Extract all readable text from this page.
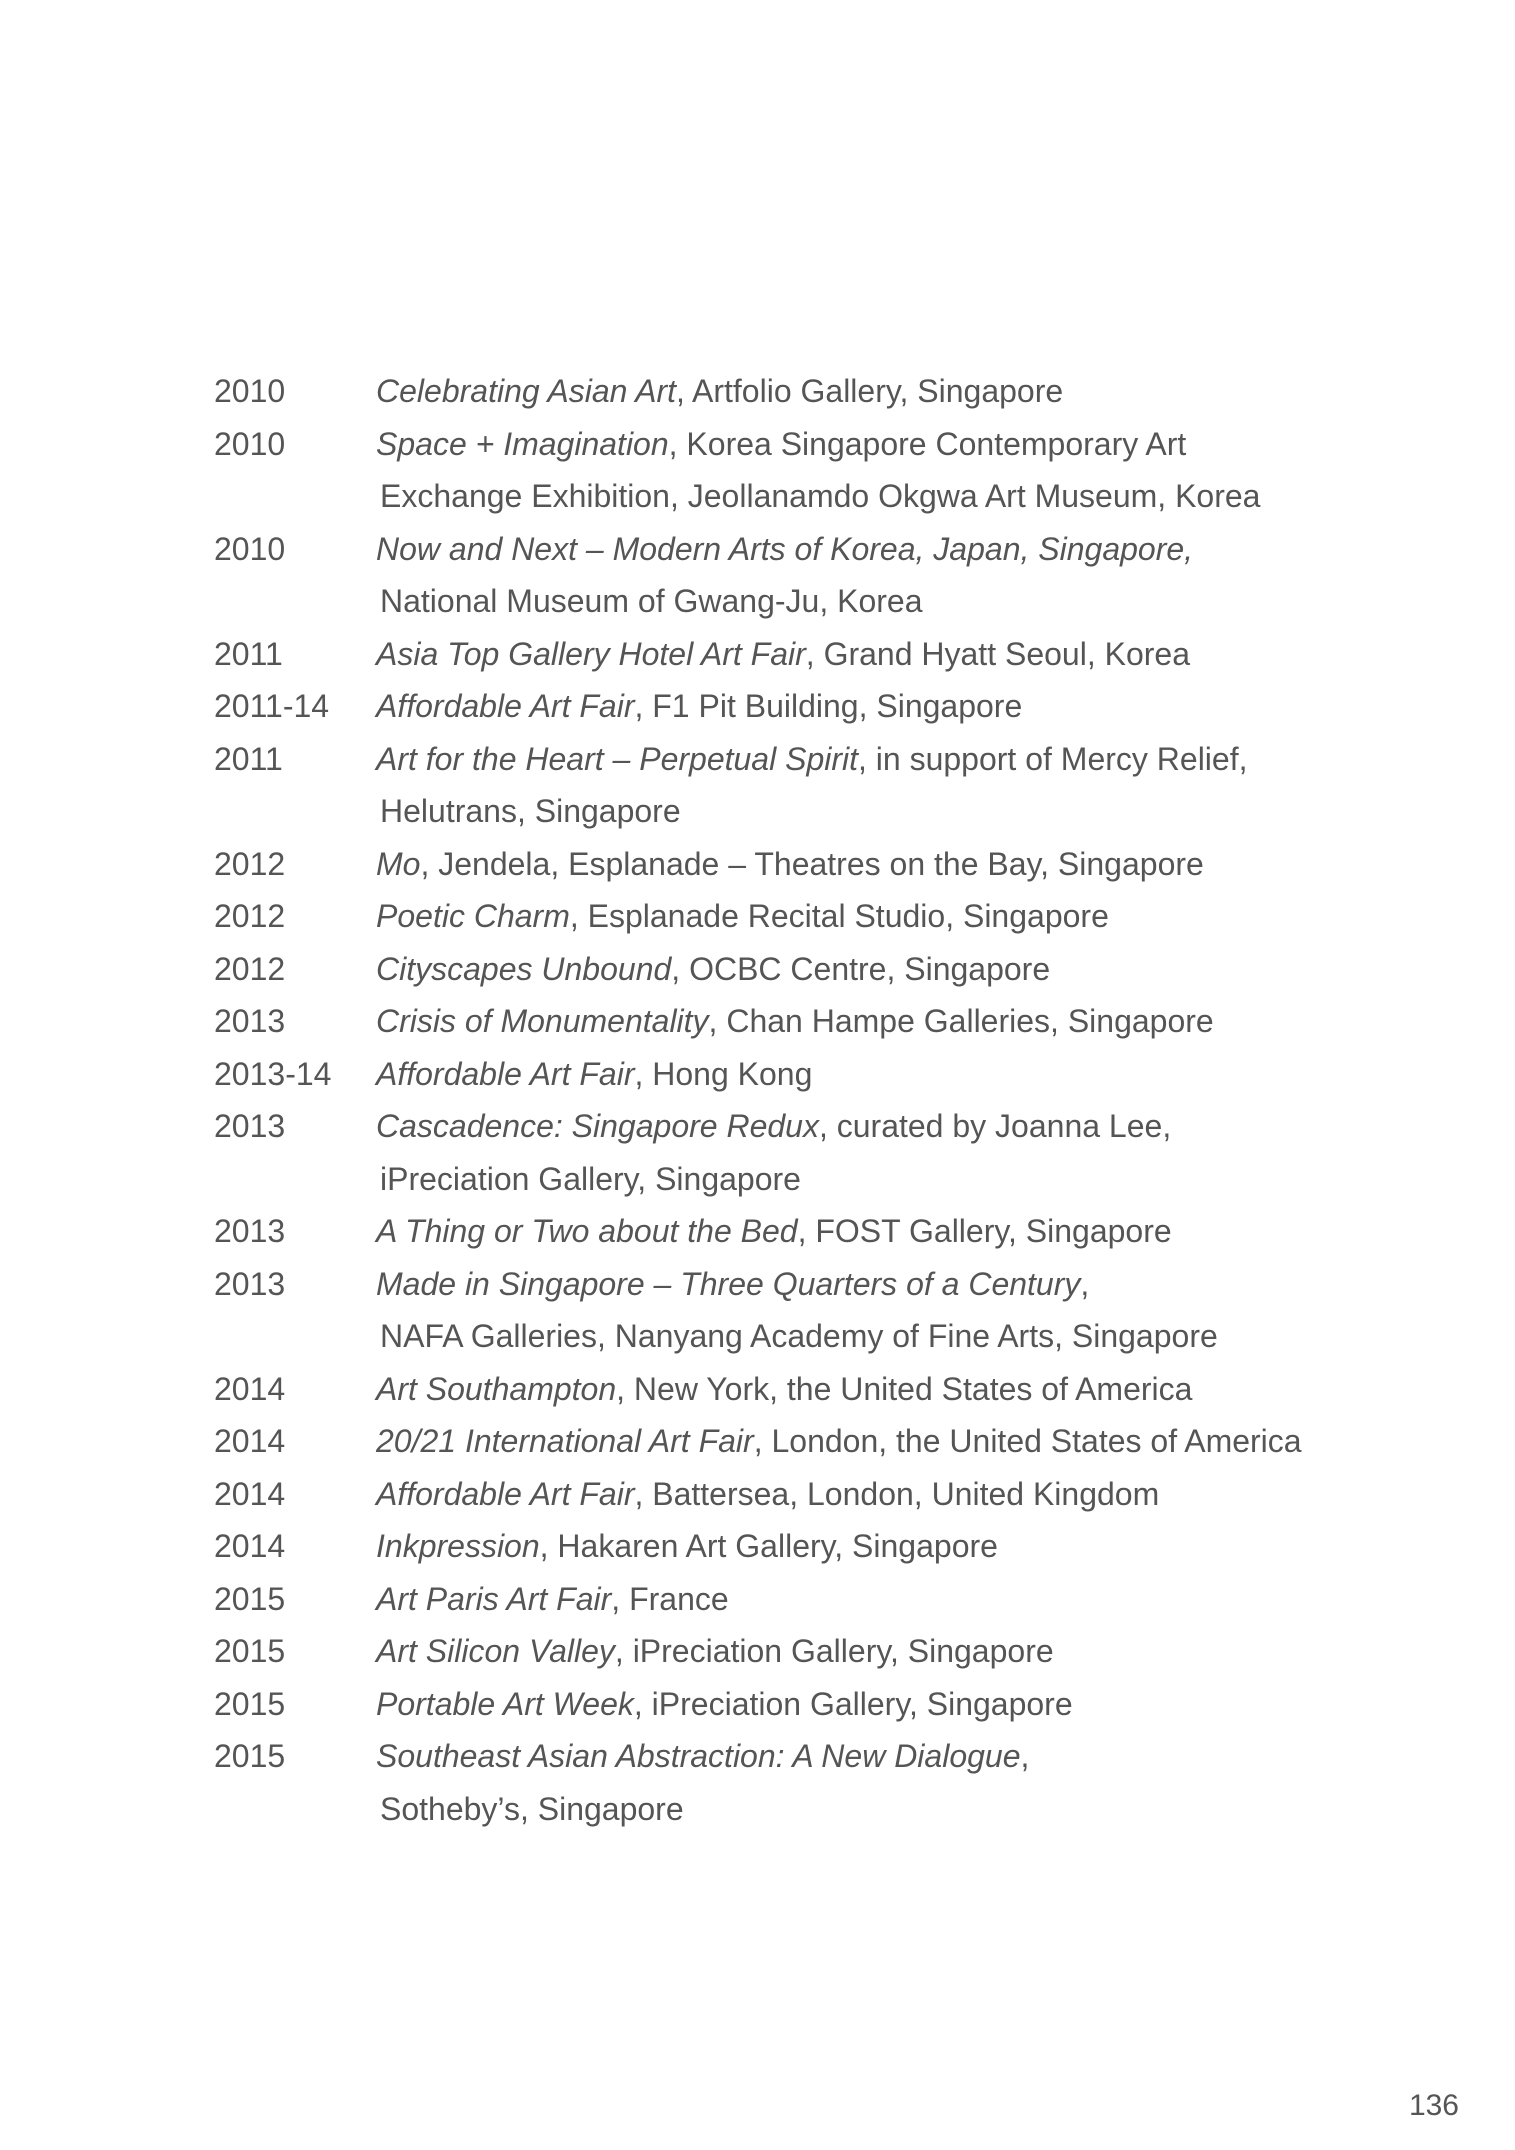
2010	Celebrating Asian Art, Artfolio Gallery, Singapore
2010	Space + Imagination, Korea Singapore Contemporary Art
Exchange Exhibition, Jeollanamdo Okgwa Art Museum, Korea
2010	Now and Next – Modern Arts of Korea, Japan, Singapore,
National Museum of Gwang-Ju, Korea
2011	Asia Top Gallery Hotel Art Fair, Grand Hyatt Seoul, Korea
2011-14	Affordable Art Fair, F1 Pit Building, Singapore
2011	Art for the Heart – Perpetual Spirit, in support of Mercy Relief,
Helutrans, Singapore
2012	Mo, Jendela, Esplanade – Theatres on the Bay, Singapore
2012	Poetic Charm, Esplanade Recital Studio, Singapore
2012	Cityscapes Unbound, OCBC Centre, Singapore
2013	Crisis of Monumentality, Chan Hampe Galleries, Singapore
2013-14	Affordable Art Fair, Hong Kong
2013	Cascadence: Singapore Redux, curated by Joanna Lee,
iPreciation Gallery, Singapore
2013	A Thing or Two about the Bed, FOST Gallery, Singapore
2013	Made in Singapore – Three Quarters of a Century,
NAFA Galleries, Nanyang Academy of Fine Arts, Singapore
2014	Art Southampton, New York, the United States of America
2014	20/21 International Art Fair, London, the United States of America
2014	Affordable Art Fair, Battersea, London, United Kingdom
2014	Inkpression, Hakaren Art Gallery, Singapore
2015	Art Paris Art Fair, France
2015	Art Silicon Valley, iPreciation Gallery, Singapore
2015	Portable Art Week, iPreciation Gallery, Singapore
2015	Southeast Asian Abstraction: A New Dialogue,
Sotheby’s, Singapore
136
